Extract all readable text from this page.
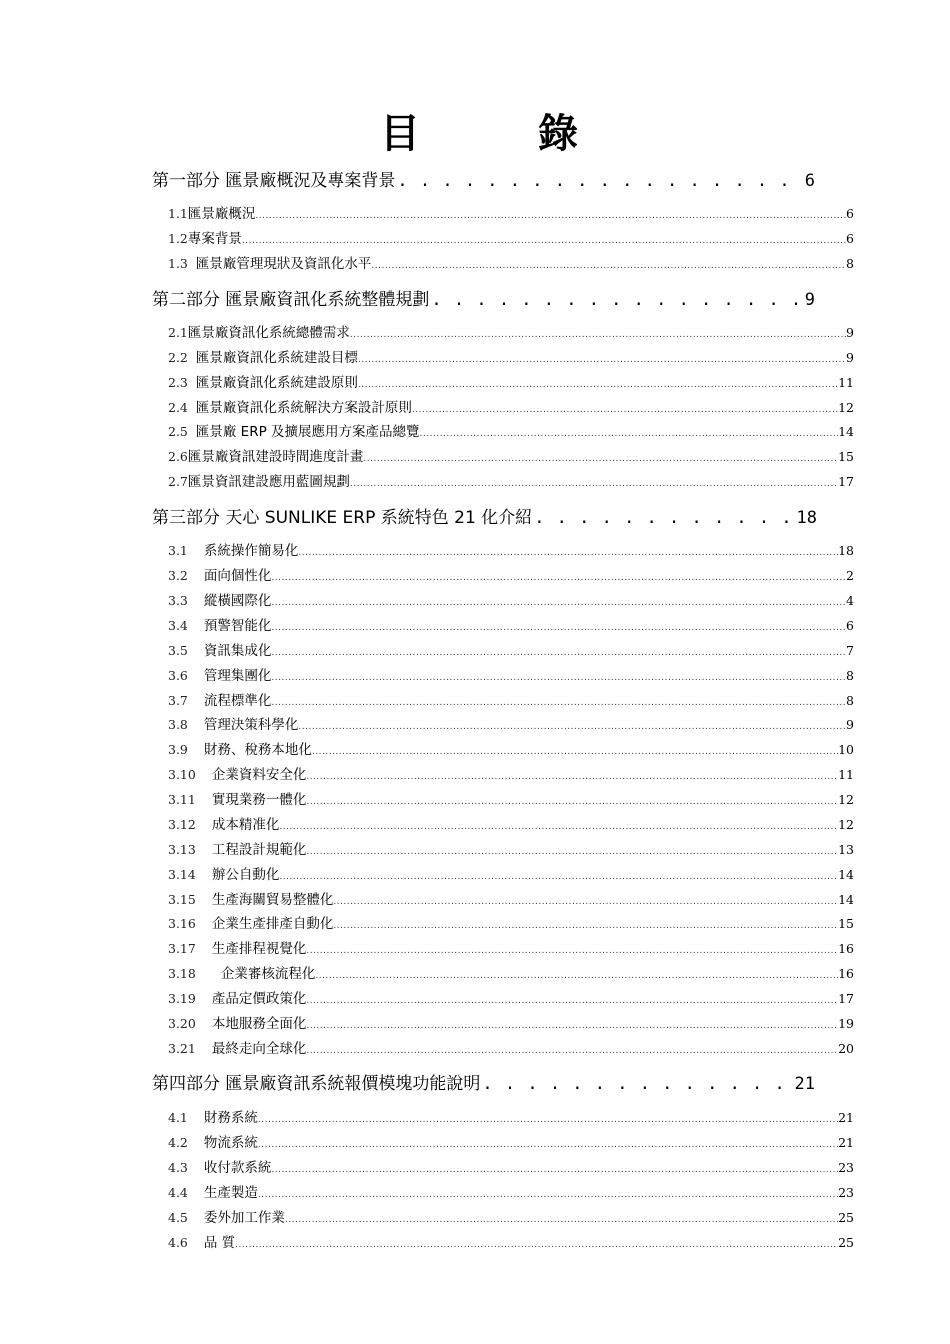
目 錄
第一部分 匯景廠概況及專案背景 . . .	6
1.1 匯景廠概況 .....	6
1.2 專案背景 .....	6
1.3 匯景廠管理現狀及資訊化水平 .....	8
第二部分 匯景廠資訊化系統整體規劃 . . .	9
2.1 匯景廠資訊化系統總體需求 .....	9
2.2 匯景廠資訊化系統建設目標 .....	9
2.3 匯景廠資訊化系統建設原則 .....	11
2.4 匯景廠資訊化系統解決方案設計原則 .....	12
2.5 匯景廠 ERP 及擴展應用方案產品總覽 .....	14
2.6 匯景廠資訊建設時間進度計畫 .....	15
2.7 匯景資訊建設應用藍圖規劃 .....	17
第三部分 天心 SUNLIKE ERP 系統特色 21 化介紹 . . .	18
3.1 系統操作簡易化 .....	18
3.2 面向個性化 .....	2
3.3 縱橫國際化 .....	4
3.4 預警智能化 .....	6
3.5 資訊集成化 .....	7
3.6 管理集團化 .....	8
3.7 流程標準化 .....	8
3.8 管理決策科學化 .....	9
3.9 財務、稅務本地化 .....	10
3.10 企業資料安全化 .....	11
3.11 實現業務一體化 .....	12
3.12 成本精准化 .....	12
3.13 工程設計規範化 .....	13
3.14 辦公自動化 .....	14
3.15 生產海關貿易整體化 .....	14
3.16 企業生產排產自動化 .....	15
3.17 生產排程視覺化 .....	16
3.18 企業審核流程化 .....	16
3.19 產品定價政策化 .....	17
3.20 本地服務全面化 .....	19
3.21 最終走向全球化 .....	20
第四部分 匯景廠資訊系統報價模塊功能說明 . . .	21
4.1 財務系統 .....	21
4.2 物流系統 .....	21
4.3 收付款系統 .....	23
4.4 生產製造 .....	23
4.5 委外加工作業 .....	25
4.6 品 質 .....	25
